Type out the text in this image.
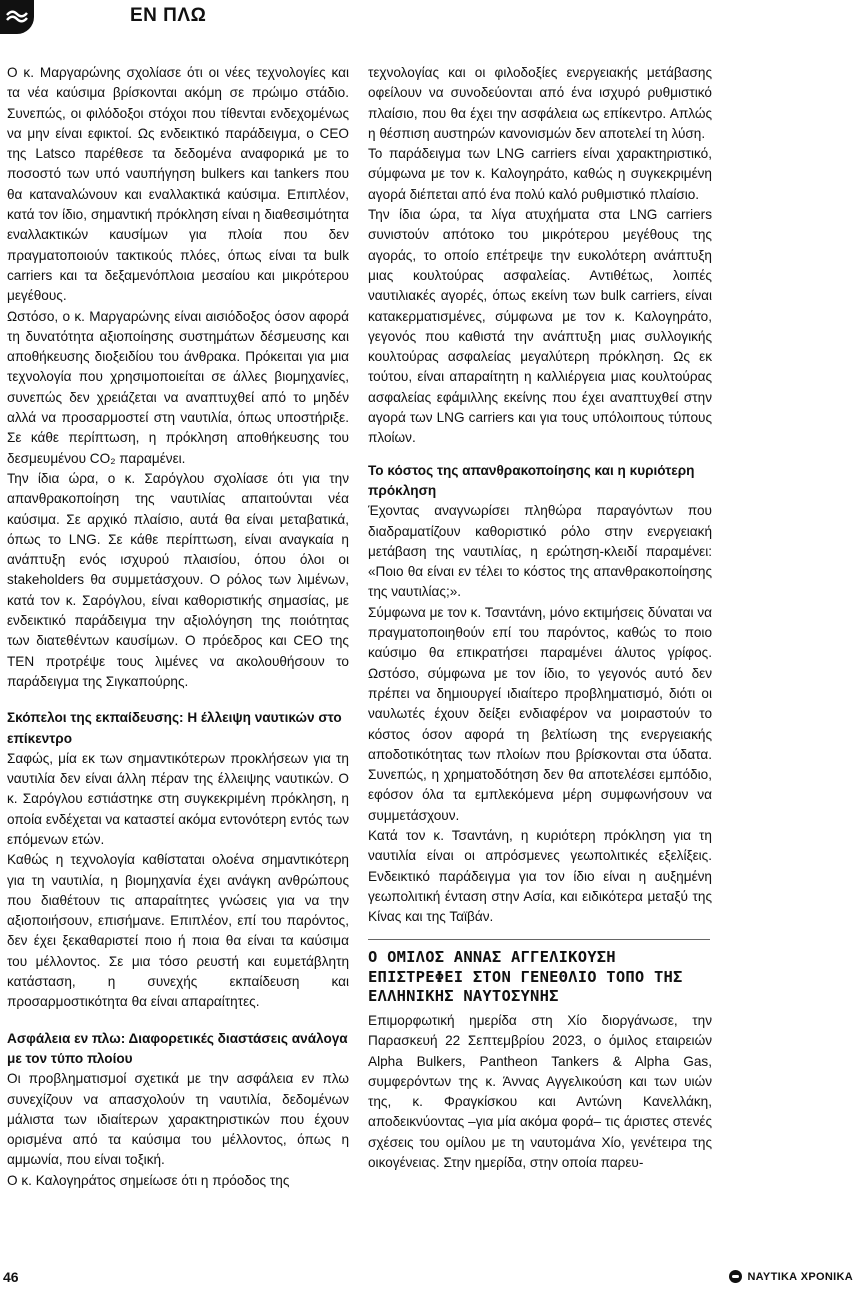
ΕΝ ΠΛΩ

Ο κ. Μαργαρώνης σχολίασε ότι οι νέες τεχνολογίες και τα νέα καύσιμα βρίσκονται ακόμη σε πρώιμο στάδιο. Συνεπώς, οι φιλόδοξοι στόχοι που τίθενται ενδεχομένως να μην είναι εφικτοί. Ως ενδεικτικό παράδειγμα, ο CEO της Latsco παρέθεσε τα δεδομένα αναφορικά με το ποσοστό των υπό ναυπήγηση bulkers και tankers που θα καταναλώνουν και εναλλακτικά καύσιμα. Επιπλέον, κατά τον ίδιο, σημαντική πρόκληση είναι η διαθεσιμότητα εναλλακτικών καυσίμων για πλοία που δεν πραγματοποιούν τακτικούς πλόες, όπως είναι τα bulk carriers και τα δεξαμενόπλοια μεσαίου και μικρότερου μεγέθους.

Ωστόσο, ο κ. Μαργαρώνης είναι αισιόδοξος όσον αφορά τη δυνατότητα αξιοποίησης συστημάτων δέσμευσης και αποθήκευσης διοξειδίου του άνθρακα. Πρόκειται για μια τεχνολογία που χρησιμοποιείται σε άλλες βιομηχανίες, συνεπώς δεν χρειάζεται να αναπτυχθεί από το μηδέν αλλά να προσαρμοστεί στη ναυτιλία, όπως υποστήριξε. Σε κάθε περίπτωση, η πρόκληση αποθήκευσης του δεσμευμένου CO₂ παραμένει.

Την ίδια ώρα, ο κ. Σαρόγλου σχολίασε ότι για την απανθρακοποίηση της ναυτιλίας απαιτούνται νέα καύσιμα. Σε αρχικό πλαίσιο, αυτά θα είναι μεταβατικά, όπως το LNG. Σε κάθε περίπτωση, είναι αναγκαία η ανάπτυξη ενός ισχυρού πλαισίου, όπου όλοι οι stakeholders θα συμμετάσχουν. Ο ρόλος των λιμένων, κατά τον κ. Σαρόγλου, είναι καθοριστικής σημασίας, με ενδεικτικό παράδειγμα την αξιολόγηση της ποιότητας των διατεθέντων καυσίμων. Ο πρόεδρος και CEO της ΤΕΝ προτρέψε τους λιμένες να ακολουθήσουν το παράδειγμα της Σιγκαπούρης.

Σκόπελοι της εκπαίδευσης: Η έλλειψη ναυτικών στο επίκεντρο

Σαφώς, μία εκ των σημαντικότερων προκλήσεων για τη ναυτιλία δεν είναι άλλη πέραν της έλλειψης ναυτικών. Ο κ. Σαρόγλου εστιάστηκε στη συγκεκριμένη πρόκληση, η οποία ενδέχεται να καταστεί ακόμα εντονότερη εντός των επόμενων ετών.

Καθώς η τεχνολογία καθίσταται ολοένα σημαντικότερη για τη ναυτιλία, η βιομηχανία έχει ανάγκη ανθρώπους που διαθέτουν τις απαραίτητες γνώσεις για να την αξιοποιήσουν, επισήμανε. Επιπλέον, επί του παρόντος, δεν έχει ξεκαθαριστεί ποιο ή ποια θα είναι τα καύσιμα του μέλλοντος. Σε μια τόσο ρευστή και ευμετάβλητη κατάσταση, η συνεχής εκπαίδευση και προσαρμοστικότητα θα είναι απαραίτητες.

Ασφάλεια εν πλω: Διαφορετικές διαστάσεις ανάλογα με τον τύπο πλοίου

Οι προβληματισμοί σχετικά με την ασφάλεια εν πλω συνεχίζουν να απασχολούν τη ναυτιλία, δεδομένων μάλιστα των ιδιαίτερων χαρακτηριστικών που έχουν ορισμένα από τα καύσιμα του μέλλοντος, όπως η αμμωνία, που είναι τοξική.

Ο κ. Καλογηράτος σημείωσε ότι η πρόοδος της

τεχνολογίας και οι φιλοδοξίες ενεργειακής μετάβασης οφείλουν να συνοδεύονται από ένα ισχυρό ρυθμιστικό πλαίσιο, που θα έχει την ασφάλεια ως επίκεντρο. Απλώς η θέσπιση αυστηρών κανονισμών δεν αποτελεί τη λύση.

Το παράδειγμα των LNG carriers είναι χαρακτηριστικό, σύμφωνα με τον κ. Καλογηράτο, καθώς η συγκεκριμένη αγορά διέπεται από ένα πολύ καλό ρυθμιστικό πλαίσιο.

Την ίδια ώρα, τα λίγα ατυχήματα στα LNG carriers συνιστούν απότοκο του μικρότερου μεγέθους της αγοράς, το οποίο επέτρεψε την ευκολότερη ανάπτυξη μιας κουλτούρας ασφαλείας. Αντιθέτως, λοιπές ναυτιλιακές αγορές, όπως εκείνη των bulk carriers, είναι κατακερματισμένες, σύμφωνα με τον κ. Καλογηράτο, γεγονός που καθιστά την ανάπτυξη μιας συλλογικής κουλτούρας ασφαλείας μεγαλύτερη πρόκληση. Ως εκ τούτου, είναι απαραίτητη η καλλιέργεια μιας κουλτούρας ασφαλείας εφάμιλλης εκείνης που έχει αναπτυχθεί στην αγορά των LNG carriers και για τους υπόλοιπους τύπους πλοίων.

Το κόστος της απανθρακοποίησης και η κυριότερη πρόκληση

Έχοντας αναγνωρίσει πληθώρα παραγόντων που διαδραματίζουν καθοριστικό ρόλο στην ενεργειακή μετάβαση της ναυτιλίας, η ερώτηση-κλειδί παραμένει: «Ποιο θα είναι εν τέλει το κόστος της απανθρακοποίησης της ναυτιλίας;».

Σύμφωνα με τον κ. Τσαντάνη, μόνο εκτιμήσεις δύναται να πραγματοποιηθούν επί του παρόντος, καθώς το ποιο καύσιμο θα επικρατήσει παραμένει άλυτος γρίφος. Ωστόσο, σύμφωνα με τον ίδιο, το γεγονός αυτό δεν πρέπει να δημιουργεί ιδιαίτερο προβληματισμό, διότι οι ναυλωτές έχουν δείξει ενδιαφέρον να μοιραστούν το κόστος όσον αφορά τη βελτίωση της ενεργειακής αποδοτικότητας των πλοίων που βρίσκονται στα ύδατα. Συνεπώς, η χρηματοδότηση δεν θα αποτελέσει εμπόδιο, εφόσον όλα τα εμπλεκόμενα μέρη συμφωνήσουν να συμμετάσχουν.

Κατά τον κ. Τσαντάνη, η κυριότερη πρόκληση για τη ναυτιλία είναι οι απρόσμενες γεωπολιτικές εξελίξεις. Ενδεικτικό παράδειγμα για τον ίδιο είναι η αυξημένη γεωπολιτική ένταση στην Ασία, και ειδικότερα μεταξύ της Κίνας και της Ταϊβάν.

Ο ΟΜΙΛΟΣ ΑΝΝΑΣ ΑΓΓΕΛΙΚΟΥΣΗ ΕΠΙΣΤΡΕΦΕΙ ΣΤΟΝ ΓΕΝΕΘΛΙΟ ΤΟΠΟ ΤΗΣ ΕΛΛΗΝΙΚΗΣ ΝΑΥΤΟΣΥΝΗΣ

Επιμορφωτική ημερίδα στη Χίο διοργάνωσε, την Παρασκευή 22 Σεπτεμβρίου 2023, ο όμιλος εταιρειών Alpha Bulkers, Pantheon Tankers & Alpha Gas, συμφερόντων της κ. Άννας Αγγελικούση και των υιών της, κ. Φραγκίσκου και Αντώνη Κανελλάκη, αποδεικνύοντας –για μία ακόμα φορά– τις άριστες στενές σχέσεις του ομίλου με τη ναυτομάνα Χίο, γενέτειρα της οικογένειας. Στην ημερίδα, στην οποία παρευ-

46	ΝΑΥΤΙΚΑ ΧΡΟΝΙΚΑ
